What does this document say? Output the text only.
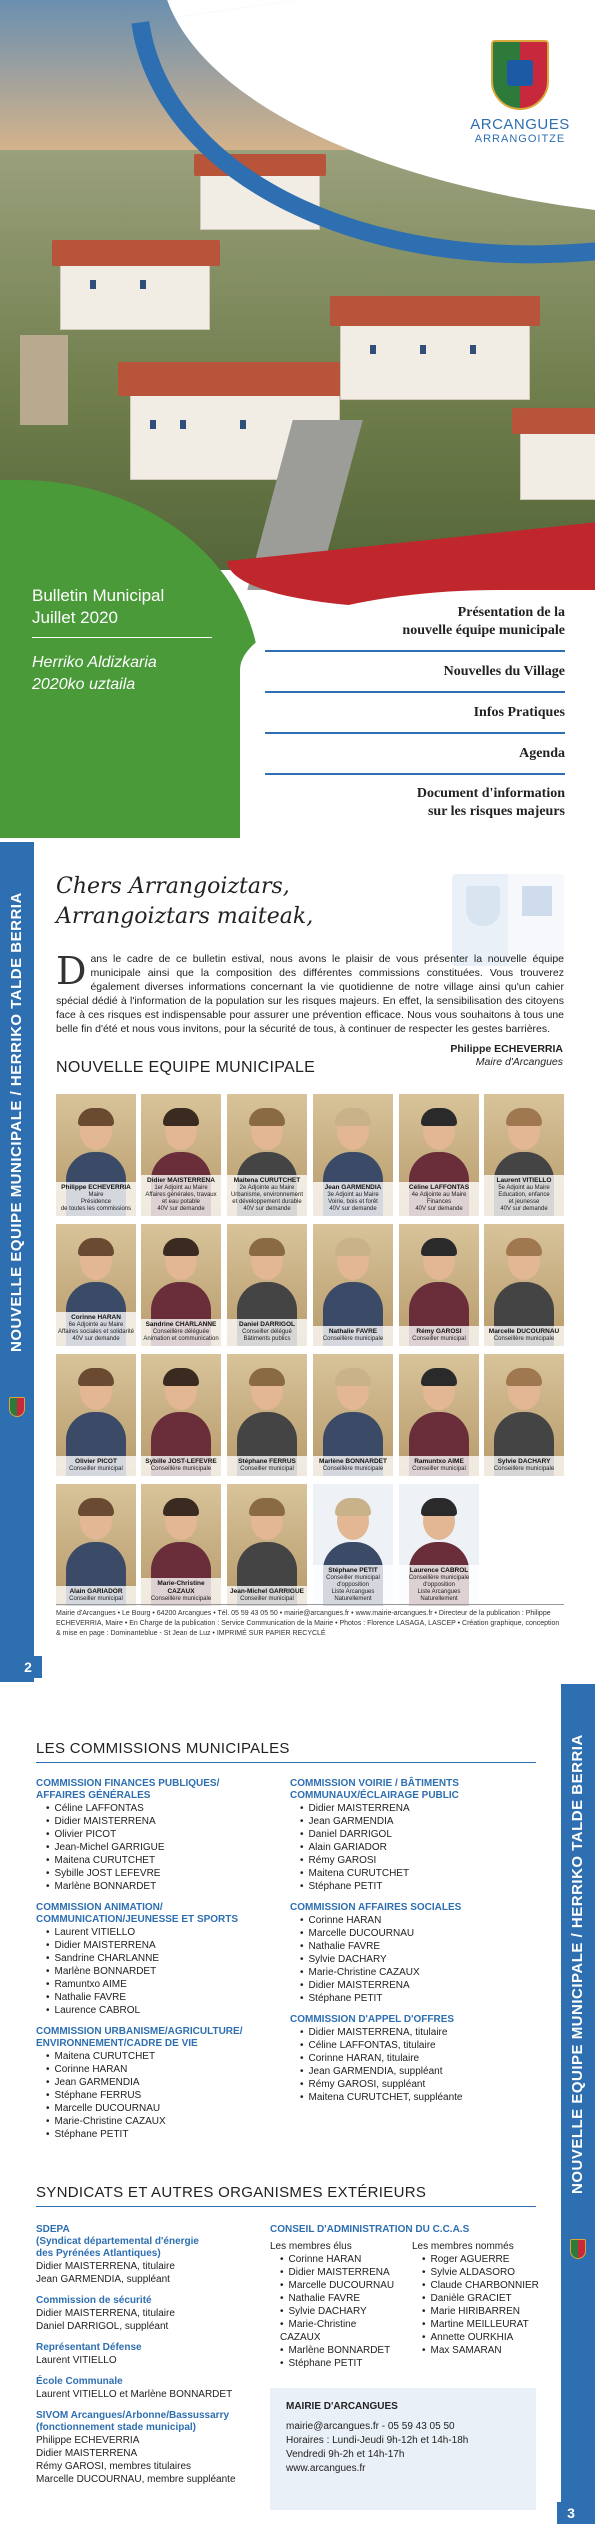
ARCANGUES
ARRANGOITZE
Bulletin Municipal
Juillet 2020
Herriko Aldizkaria
2020ko uztaila
Présentation de la
nouvelle équipe municipale

Nouvelles du Village

Infos Pratiques

Agenda

Document d'information
sur les risques majeurs
NOUVELLE EQUIPE MUNICIPALE / HERRIKO TALDE BERRIA
2
Chers Arrangoiztars,
Arrangoiztars maiteak,
Dans le cadre de ce bulletin estival, nous avons le plaisir de vous présenter la nouvelle équipe municipale ainsi que la composition des différentes commissions constituées. Vous trouverez également diverses informations concernant la vie quotidienne de notre village ainsi qu'un cahier spécial dédié à l'information de la population sur les risques majeurs. En effet, la sensibilisation des citoyens face à ces risques est indispensable pour assurer une prévention efficace. Nous vous souhaitons à tous une belle fin d'été et nous vous invitons, pour la sécurité de tous, à continuer de respecter les gestes barrières.
Philippe ECHEVERRIA
Maire d'Arcangues
NOUVELLE EQUIPE MUNICIPALE
Philippe ECHEVERRIA
Maire
Présidence
de toutes les commissions
Didier MAISTERRENA
1er Adjoint au Maire
Affaires générales, travaux
et eau potable
40V sur demande
Maitena CURUTCHET
2e Adjointe au Maire
Urbanisme, environnement
et développement durable
40V sur demande
Jean GARMENDIA
3e Adjoint au Maire
Voirie, bois et forêt
40V sur demande
Céline LAFFONTAS
4e Adjointe au Maire
Finances
40V sur demande
Laurent VITIELLO
5e Adjoint au Maire
Education, enfance
et jeunesse
40V sur demande
Corinne HARAN
6e Adjointe au Maire
Affaires sociales et solidarité
40V sur demande
Sandrine CHARLANNE
Conseillère déléguée
Animation et communication
Daniel DARRIGOL
Conseiller délégué
Bâtiments publics
Nathalie FAVRE
Conseillère municipale
Rémy GAROSI
Conseiller municipal
Marcelle DUCOURNAU
Conseillère municipale
Olivier PICOT
Conseiller municipal
Sybille JOST-LEFEVRE
Conseillère municipale
Stéphane FERRUS
Conseiller municipal
Marlène BONNARDET
Conseillère municipale
Ramuntxo AIME
Conseiller municipal
Sylvie DACHARY
Conseillère municipale
Alain GARIADOR
Conseiller municipal
Marie-Christine CAZAUX
Conseillère municipale
Jean-Michel GARRIGUE
Conseiller municipal
Stéphane PETIT
Conseiller municipal
d'opposition
Liste Arcangues Naturellement
Laurence CABROL
Conseillère municipale
d'opposition
Liste Arcangues Naturellement
Mairie d'Arcangues • Le Bourg • 64200 Arcangues • Tél. 05 59 43 05 50 • mairie@arcangues.fr • www.mairie-arcangues.fr • Directeur de la publication : Philippe ECHEVERRIA, Maire • En Charge de la publication : Service Communication de la Mairie • Photos : Florence LASAGA, LASCEP • Création graphique, conception & mise en page : Dominanteblue - St Jean de Luz • IMPRIMÉ SUR PAPIER RECYCLÉ
NOUVELLE EQUIPE MUNICIPALE / HERRIKO TALDE BERRIA
3
LES COMMISSIONS MUNICIPALES
COMMISSION FINANCES PUBLIQUES/
AFFAIRES GÉNÉRALES
• Céline LAFFONTAS
• Didier MAISTERRENA
• Olivier PICOT
• Jean-Michel GARRIGUE
• Maitena CURUTCHET
• Sybille JOST LEFEVRE
• Marlène BONNARDET
COMMISSION ANIMATION/
COMMUNICATION/JEUNESSE ET SPORTS
• Laurent VITIELLO
• Didier MAISTERRENA
• Sandrine CHARLANNE
• Marlène BONNARDET
• Ramuntxo AIME
• Nathalie FAVRE
• Laurence CABROL
COMMISSION URBANISME/AGRICULTURE/
ENVIRONNEMENT/CADRE DE VIE
• Maitena CURUTCHET
• Corinne HARAN
• Jean GARMENDIA
• Stéphane FERRUS
• Marcelle DUCOURNAU
• Marie-Christine CAZAUX
• Stéphane PETIT
COMMISSION VOIRIE / BÂTIMENTS
COMMUNAUX/ÉCLAIRAGE PUBLIC
• Didier MAISTERRENA
• Jean GARMENDIA
• Daniel DARRIGOL
• Alain GARIADOR
• Rémy GAROSI
• Maitena CURUTCHET
• Stéphane PETIT
COMMISSION AFFAIRES SOCIALES
• Corinne HARAN
• Marcelle DUCOURNAU
• Nathalie FAVRE
• Sylvie DACHARY
• Marie-Christine CAZAUX
• Didier MAISTERRENA
• Stéphane PETIT
COMMISSION D'APPEL D'OFFRES
• Didier MAISTERRENA, titulaire
• Céline LAFFONTAS, titulaire
• Corinne HARAN, titulaire
• Jean GARMENDIA, suppléant
• Rémy GAROSI, suppléant
• Maitena CURUTCHET, suppléante
SYNDICATS ET AUTRES ORGANISMES EXTÉRIEURS
SDEPA
(Syndicat départemental d'énergie
des Pyrénées Atlantiques)
Didier MAISTERRENA, titulaire
Jean GARMENDIA, suppléant
Commission de sécurité
Didier MAISTERRENA, titulaire
Daniel DARRIGOL, suppléant
Représentant Défense
Laurent VITIELLO
École Communale
Laurent VITIELLO et Marlène BONNARDET
SIVOM Arcangues/Arbonne/Bassussarry
(fonctionnement stade municipal)
Philippe ECHEVERRIA
Didier MAISTERRENA
Rémy GAROSI, membres titulaires
Marcelle DUCOURNAU, membre suppléante
CONSEIL D'ADMINISTRATION DU C.C.A.S
Les membres élus
• Corinne HARAN
• Didier MAISTERRENA
• Marcelle DUCOURNAU
• Nathalie FAVRE
• Sylvie DACHARY
• Marie-Christine CAZAUX
• Marlène BONNARDET
• Stéphane PETIT
Les membres nommés
• Roger AGUERRE
• Sylvie ALDASORO
• Claude CHARBONNIER
• Danièle GRACIET
• Marie HIRIBARREN
• Martine MEILLEURAT
• Annette OURKHIA
• Max SAMARAN
MAIRIE D'ARCANGUES
mairie@arcangues.fr - 05 59 43 05 50
Horaires : Lundi-Jeudi 9h-12h et 14h-18h
Vendredi 9h-2h et 14h-17h
www.arcangues.fr
